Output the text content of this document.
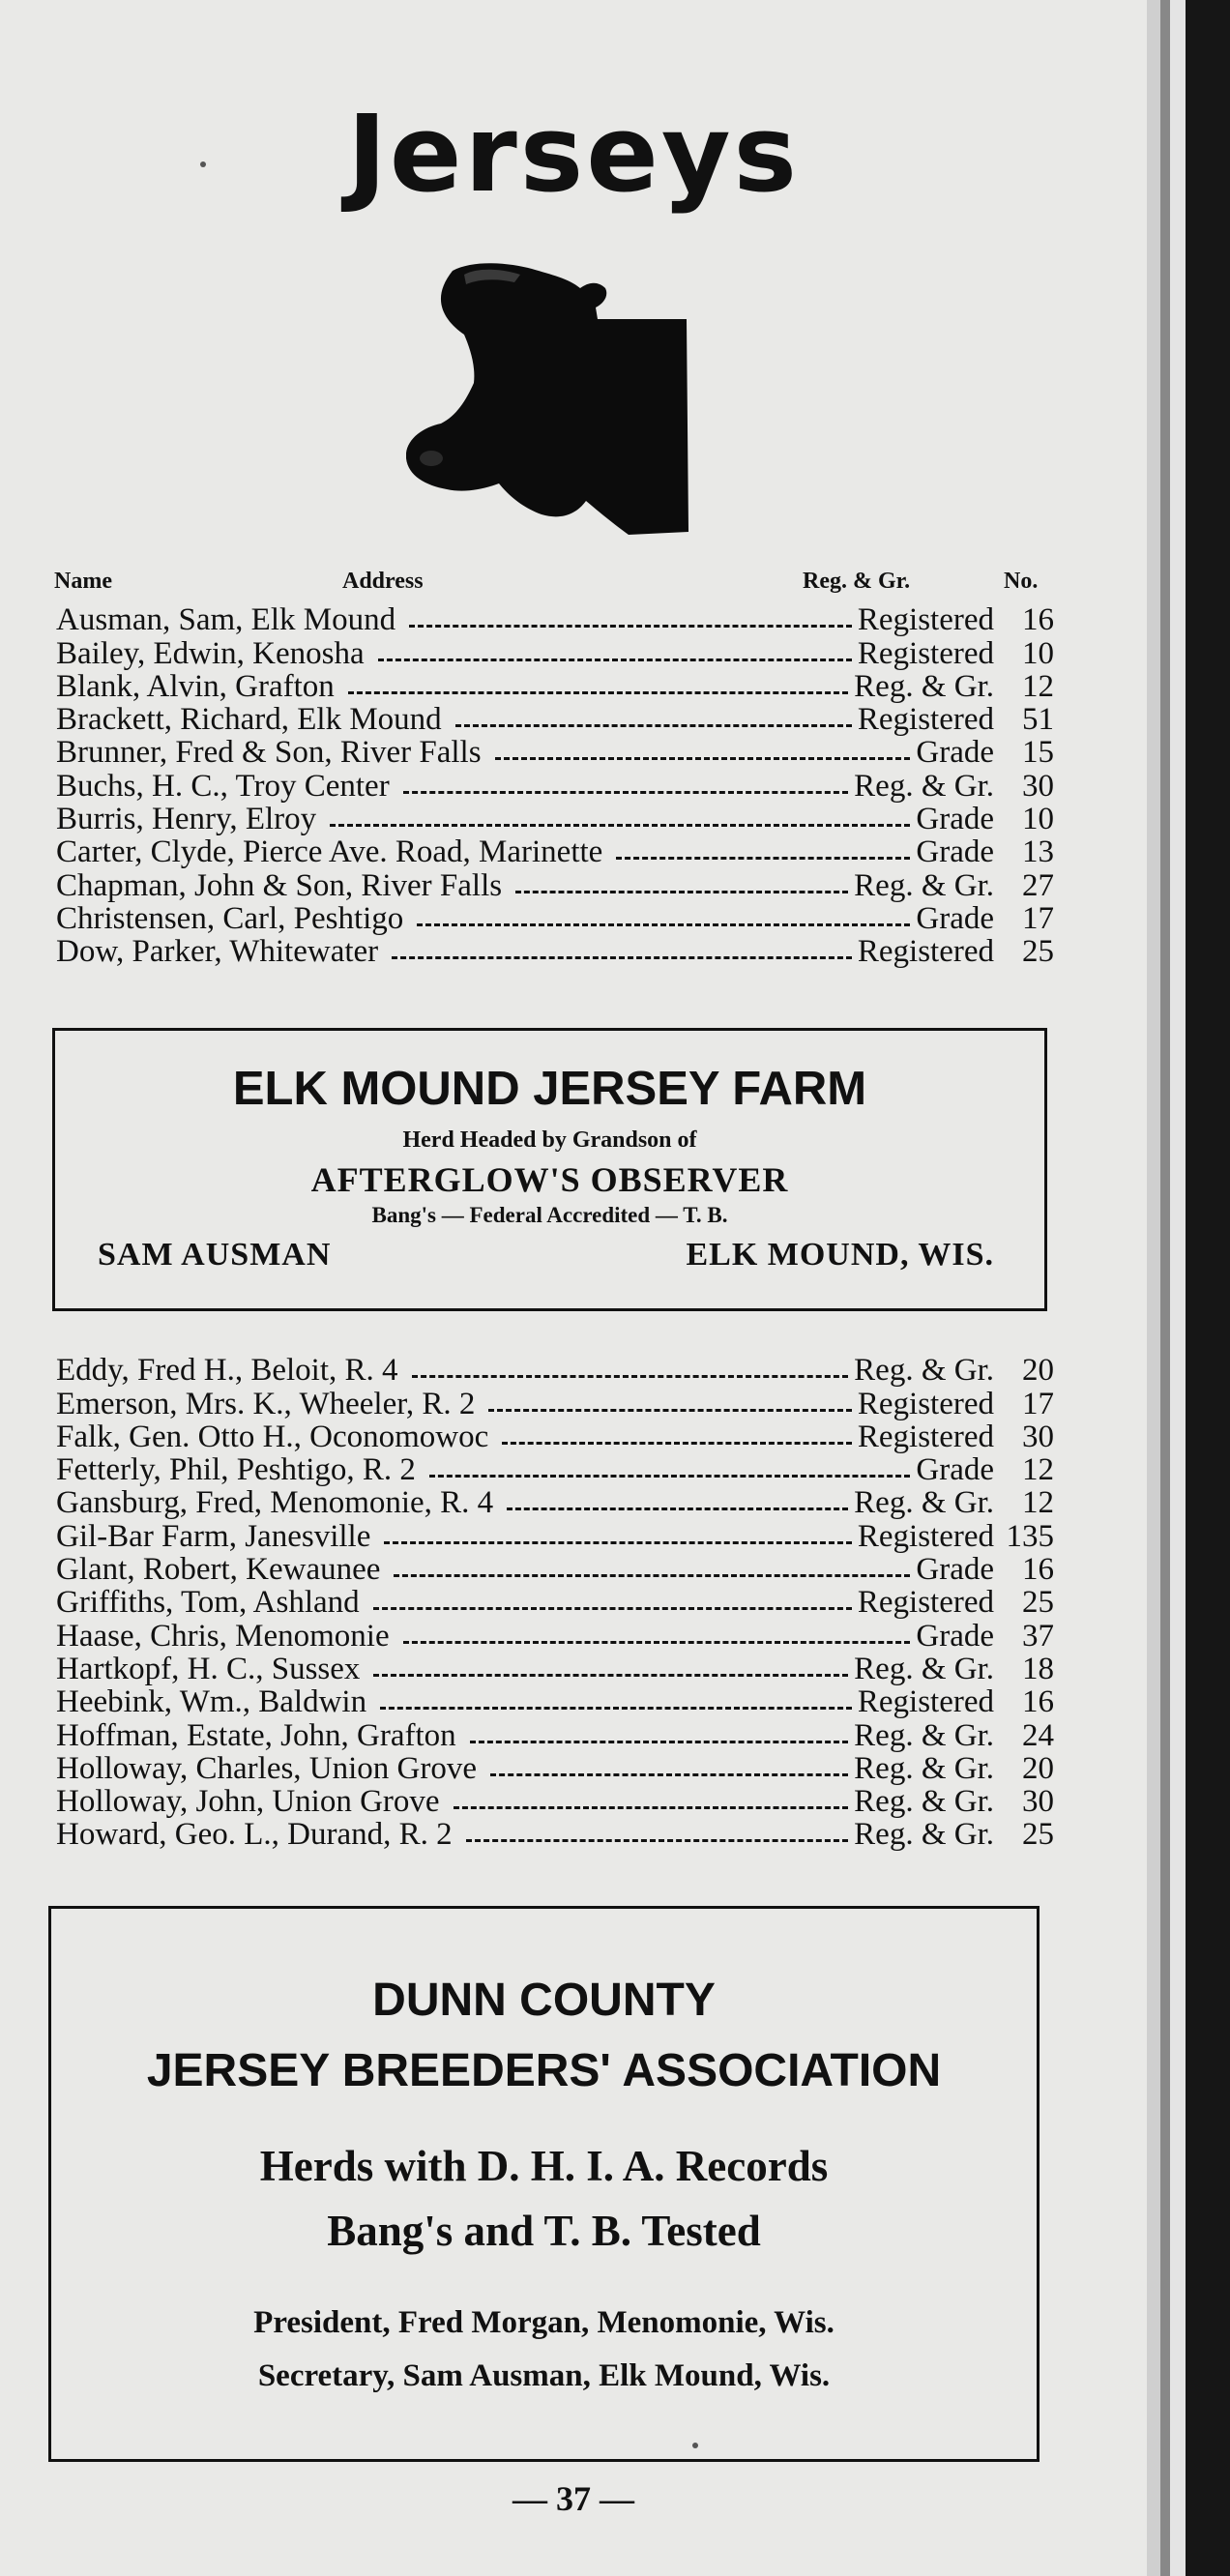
Jerseys
Name	Address	Reg. & Gr.	No.
Ausman, Sam, Elk Mound	Registered 16
Bailey, Edwin, Kenosha	Registered 10
Blank, Alvin, Grafton	Reg. & Gr. 12
Brackett, Richard, Elk Mound	Registered 51
Brunner, Fred & Son, River Falls	Grade 15
Buchs, H. C., Troy Center	Reg. & Gr. 30
Burris, Henry, Elroy	Grade 10
Carter, Clyde, Pierce Ave. Road, Marinette	Grade 13
Chapman, John & Son, River Falls	Reg. & Gr. 27
Christensen, Carl, Peshtigo	Grade 17
Dow, Parker, Whitewater	Registered 25
ELK MOUND JERSEY FARM
Herd Headed by Grandson of
AFTERGLOW'S OBSERVER
Bang's — Federal Accredited — T. B.
SAM AUSMAN	ELK MOUND, WIS.
Eddy, Fred H., Beloit, R. 4	Reg. & Gr. 20
Emerson, Mrs. K., Wheeler, R. 2	Registered 17
Falk, Gen. Otto H., Oconomowoc	Registered 30
Fetterly, Phil, Peshtigo, R. 2	Grade 12
Gansburg, Fred, Menomonie, R. 4	Reg. & Gr. 12
Gil-Bar Farm, Janesville	Registered 135
Glant, Robert, Kewaunee	Grade 16
Griffiths, Tom, Ashland	Registered 25
Haase, Chris, Menomonie	Grade 37
Hartkopf, H. C., Sussex	Reg. & Gr. 18
Heebink, Wm., Baldwin	Registered 16
Hoffman, Estate, John, Grafton	Reg. & Gr. 24
Holloway, Charles, Union Grove	Reg. & Gr. 20
Holloway, John, Union Grove	Reg. & Gr. 30
Howard, Geo. L., Durand, R. 2	Reg. & Gr. 25
DUNN COUNTY
JERSEY BREEDERS' ASSOCIATION
Herds with D. H. I. A. Records
Bang's and T. B. Tested
President, Fred Morgan, Menomonie, Wis.
Secretary, Sam Ausman, Elk Mound, Wis.
— 37 —
